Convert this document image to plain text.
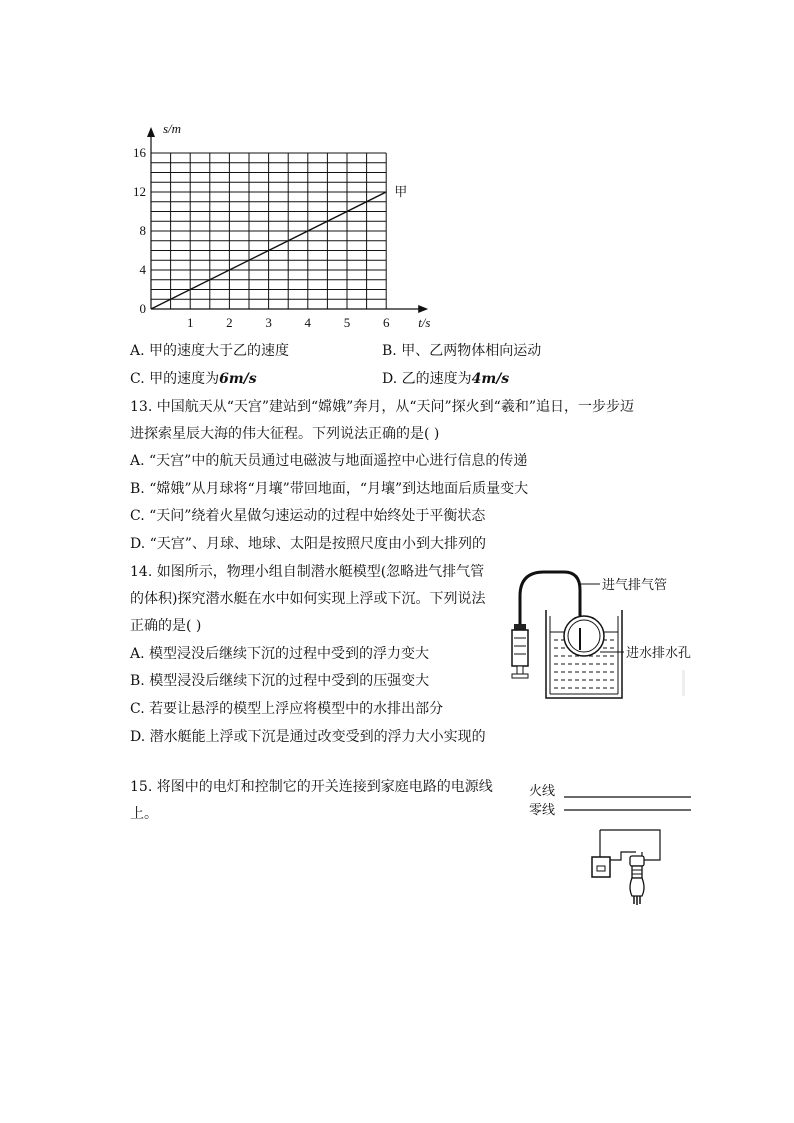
s/m
t/s
1	2	3	4	5	6
0
4
8
12
16
甲
A. 甲的速度大于乙的速度	B. 甲、乙两物体相向运动
C. 甲的速度为6m/s	D. 乙的速度为4m/s
13. 中国航天从“天宫”建站到“嫦娥”奔月，从“天问”探火到“羲和”追日，一步步迈
进探索星辰大海的伟大征程。下列说法正确的是( )
A. “天宫”中的航天员通过电磁波与地面遥控中心进行信息的传递
B. “嫦娥”从月球将“月壤”带回地面，“月壤”到达地面后质量变大
C. “天问”绕着火星做匀速运动的过程中始终处于平衡状态
D. “天宫”、月球、地球、太阳是按照尺度由小到大排列的
14. 如图所示，物理小组自制潜水艇模型(忽略进气排气管
的体积)探究潜水艇在水中如何实现上浮或下沉。下列说法
正确的是( )
A. 模型浸没后继续下沉的过程中受到的浮力变大
B. 模型浸没后继续下沉的过程中受到的压强变大
C. 若要让悬浮的模型上浮应将模型中的水排出部分
D. 潜水艇能上浮或下沉是通过改变受到的浮力大小实现的
进气排气管
进水排水孔
15. 将图中的电灯和控制它的开关连接到家庭电路的电源线
上。
火线
零线
